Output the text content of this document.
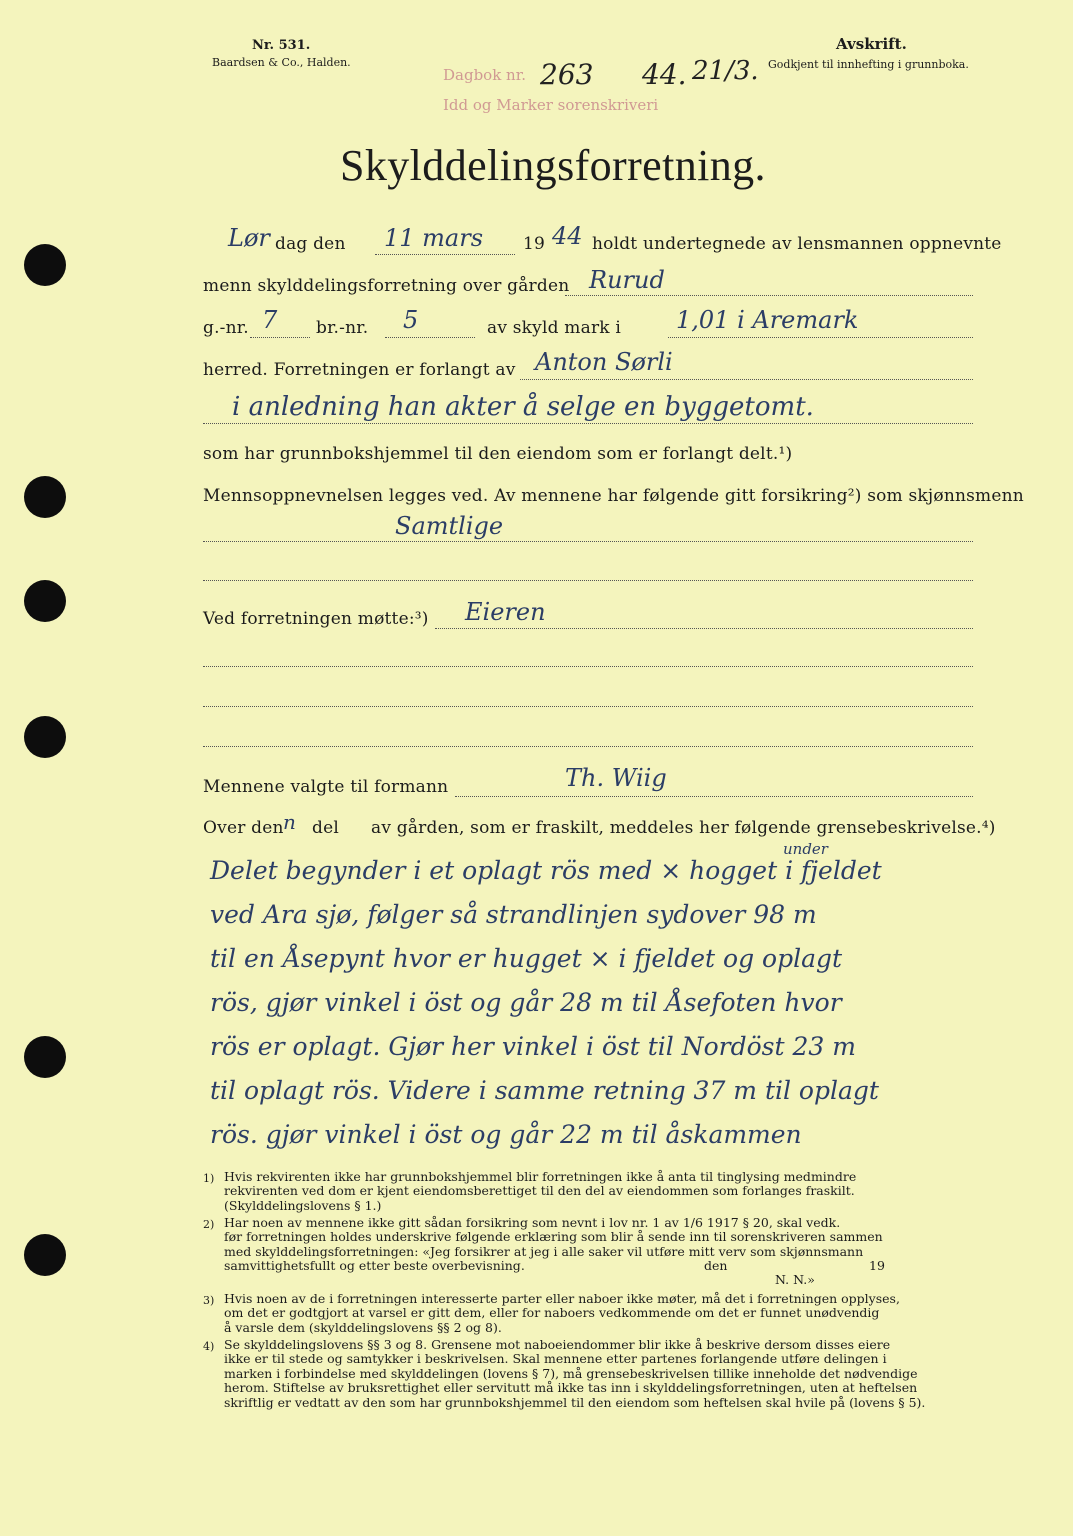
Nr. 531.
Baardsen & Co., Halden.
Avskrift.
Godkjent til innhefting i grunnboka.
Dagbok nr.
Idd og Marker sorenskriveri
263 44. 21/3.
Skylddelingsforretning.
Lør dag den 11 mars 19 44 holdt undertegnede av lensmannen oppnevnte
menn skylddelingsforretning over gården Rurud
g.-nr. 7 br.-nr. 5	av skyld mark i 1,01 i Aremark
herred. Forretningen er forlangt av Anton Sørli
i anledning han akter å selge en byggetomt.
som har grunnbokshjemmel til den eiendom som er forlangt delt.¹)
Mennsoppnevnelsen legges ved. Av mennene har følgende gitt forsikring²) som skjønnsmenn
Samtlige
Ved forretningen møtte:³) Eieren
Mennene valgte til formann	Th. Wiig
Over den n del av gården, som er fraskilt, meddeles her følgende grensebeskrivelse.⁴)
under
Delet begynder i et oplagt rös med × hogget i fjeldet
ved Ara sjø, følger så strandlinjen sydover 98 m
til en Åsepynt hvor er hugget × i fjeldet og oplagt
rös, gjør vinkel i öst og går 28 m til Åsefoten hvor
rös er oplagt. Gjør her vinkel i öst til Nordöst 23 m
til oplagt rös. Videre i samme retning 37 m til oplagt
rös. gjør vinkel i öst og går 22 m til åskammen
1) Hvis rekvirenten ikke har grunnbokshjemmel blir forretningen ikke å anta til tinglysing medmindre
rekvirenten ved dom er kjent eiendomsberettiget til den del av eiendommen som forlanges fraskilt.
(Skylddelingslovens § 1.)
2) Har noen av mennene ikke gitt sådan forsikring som nevnt i lov nr. 1 av 1/6 1917 § 20, skal vedk.
før forretningen holdes underskrive følgende erklæring som blir å sende inn til sorenskriveren sammen
med skylddelingsforretningen: «Jeg forsikrer at jeg i alle saker vil utføre mitt verv som skjønnsmann
samvittighetsfullt og etter beste overbevisning.	den	19
N. N.»
3) Hvis noen av de i forretningen interesserte parter eller naboer ikke møter, må det i forretningen opplyses,
om det er godtgjort at varsel er gitt dem, eller for naboers vedkommende om det er funnet unødvendig
å varsle dem (skylddelingslovens §§ 2 og 8).
4) Se skylddelingslovens §§ 3 og 8. Grensene mot naboeiendommer blir ikke å beskrive dersom disses eiere
ikke er til stede og samtykker i beskrivelsen. Skal mennene etter partenes forlangende utføre delingen i
marken i forbindelse med skylddelingen (lovens § 7), må grensebeskrivelsen tillike inneholde det nødvendige
herom. Stiftelse av bruksrettighet eller servitutt må ikke tas inn i skylddelingsforretningen, uten at heftelsen
skriftlig er vedtatt av den som har grunnbokshjemmel til den eiendom som heftelsen skal hvile på (lovens § 5).
